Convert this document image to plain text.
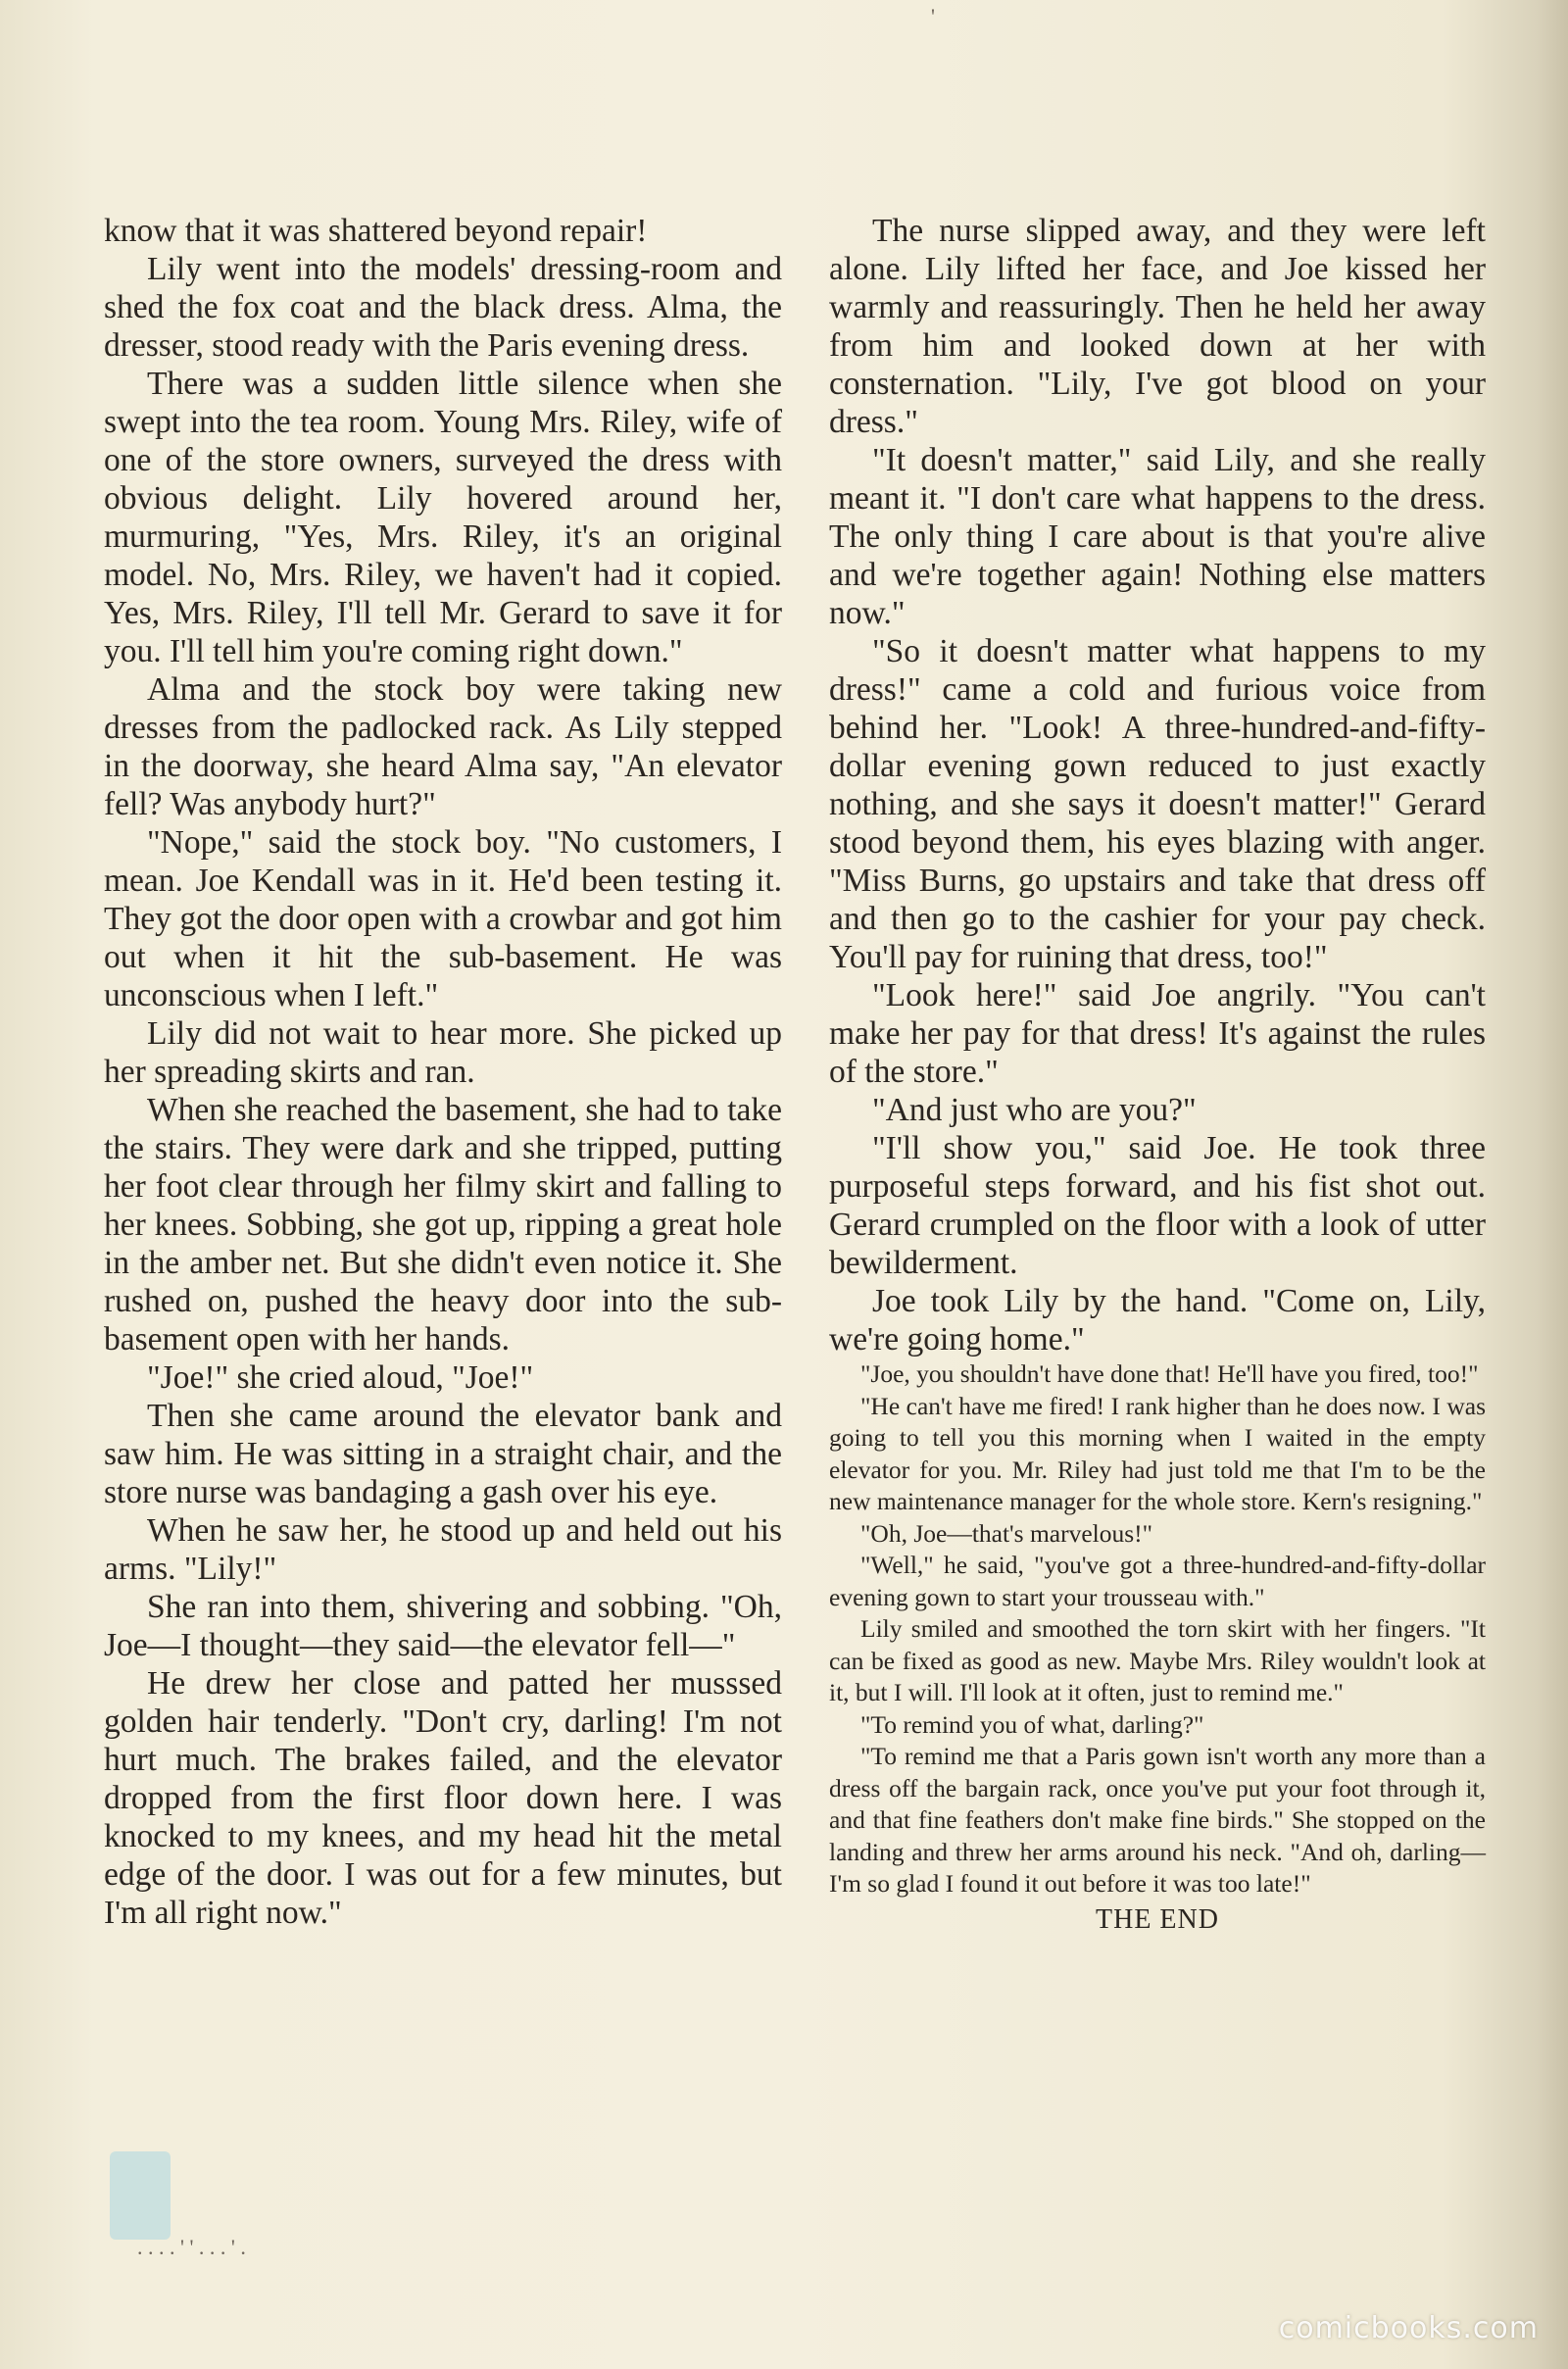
know that it was shattered beyond repair!

Lily went into the models' dressing-room and shed the fox coat and the black dress. Alma, the dresser, stood ready with the Paris evening dress.

There was a sudden little silence when she swept into the tea room. Young Mrs. Riley, wife of one of the store owners, surveyed the dress with obvious delight. Lily hovered around her, murmuring, "Yes, Mrs. Riley, it's an original model. No, Mrs. Riley, we haven't had it copied. Yes, Mrs. Riley, I'll tell Mr. Gerard to save it for you. I'll tell him you're coming right down."

Alma and the stock boy were taking new dresses from the padlocked rack. As Lily stepped in the doorway, she heard Alma say, "An elevator fell? Was anybody hurt?"

"Nope," said the stock boy. "No customers, I mean. Joe Kendall was in it. He'd been testing it. They got the door open with a crowbar and got him out when it hit the sub-basement. He was unconscious when I left."

Lily did not wait to hear more. She picked up her spreading skirts and ran.

When she reached the basement, she had to take the stairs. They were dark and she tripped, putting her foot clear through her filmy skirt and falling to her knees. Sobbing, she got up, ripping a great hole in the amber net. But she didn't even notice it. She rushed on, pushed the heavy door into the sub-basement open with her hands.

"Joe!" she cried aloud, "Joe!"

Then she came around the elevator bank and saw him. He was sitting in a straight chair, and the store nurse was bandaging a gash over his eye.

When he saw her, he stood up and held out his arms. "Lily!"

She ran into them, shivering and sobbing. "Oh, Joe—I thought—they said—the elevator fell—"

He drew her close and patted her musssed golden hair tenderly. "Don't cry, darling! I'm not hurt much. The brakes failed, and the elevator dropped from the first floor down here. I was knocked to my knees, and my head hit the metal edge of the door. I was out for a few minutes, but I'm all right now."

The nurse slipped away, and they were left alone. Lily lifted her face, and Joe kissed her warmly and reassuringly. Then he held her away from him and looked down at her with consternation. "Lily, I've got blood on your dress."

"It doesn't matter," said Lily, and she really meant it. "I don't care what happens to the dress. The only thing I care about is that you're alive and we're together again! Nothing else matters now."

"So it doesn't matter what happens to my dress!" came a cold and furious voice from behind her. "Look! A three-hundred-and-fifty-dollar evening gown reduced to just exactly nothing, and she says it doesn't matter!" Gerard stood beyond them, his eyes blazing with anger. "Miss Burns, go upstairs and take that dress off and then go to the cashier for your pay check. You'll pay for ruining that dress, too!"

"Look here!" said Joe angrily. "You can't make her pay for that dress! It's against the rules of the store."

"And just who are you?"

"I'll show you," said Joe. He took three purposeful steps forward, and his fist shot out. Gerard crumpled on the floor with a look of utter bewilderment.

Joe took Lily by the hand. "Come on, Lily, we're going home."

"Joe, you shouldn't have done that! He'll have you fired, too!"

"He can't have me fired! I rank higher than he does now. I was going to tell you this morning when I waited in the empty elevator for you. Mr. Riley had just told me that I'm to be the new maintenance manager for the whole store. Kern's resigning."

"Oh, Joe—that's marvelous!"

"Well," he said, "you've got a three-hundred-and-fifty-dollar evening gown to start your trousseau with."

Lily smiled and smoothed the torn skirt with her fingers. "It can be fixed as good as new. Maybe Mrs. Riley wouldn't look at it, but I will. I'll look at it often, just to remind me."

"To remind you of what, darling?"

"To remind me that a Paris gown isn't worth any more than a dress off the bargain rack, once you've put your foot through it, and that fine feathers don't make fine birds." She stopped on the landing and threw her arms around his neck. "And oh, darling—I'm so glad I found it out before it was too late!"

THE END
'
. . . . ' ' . . . ' .
comicbooks.com
